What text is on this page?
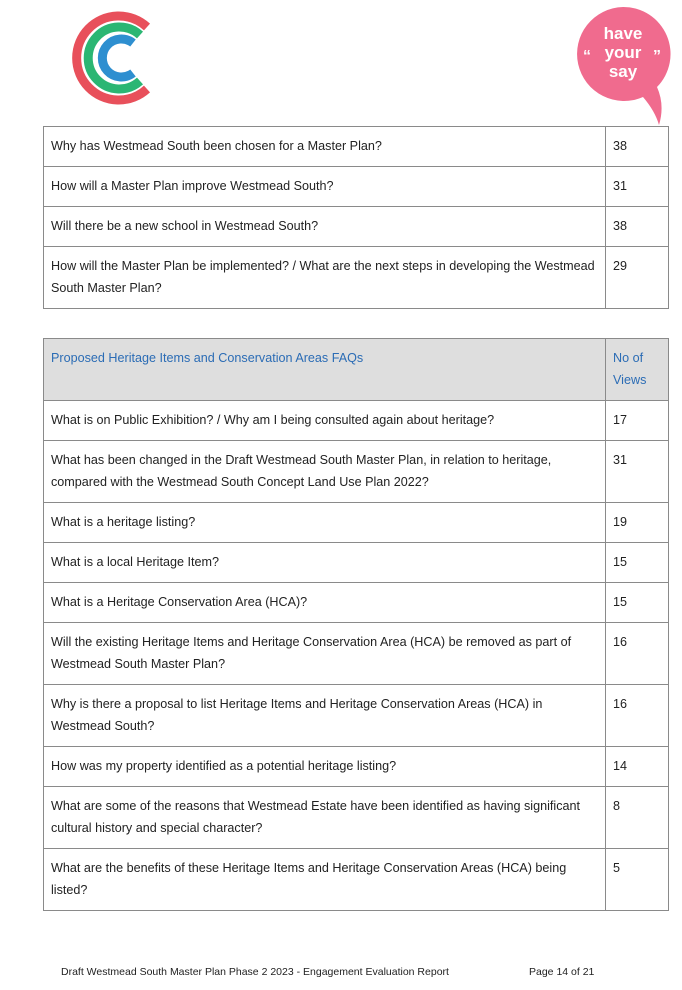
“	”
have
your
say
Why has Westmead South been chosen for a Master Plan?	38
How will a Master Plan improve Westmead South?	31
Will there be a new school in Westmead South?	38
How will the Master Plan be implemented? / What are the next steps in developing the Westmead South Master Plan?	29
Proposed Heritage Items and Conservation Areas FAQs	No of Views
What is on Public Exhibition? / Why am I being consulted again about heritage?	17
What has been changed in the Draft Westmead South Master Plan, in relation to heritage, compared with the Westmead South Concept Land Use Plan 2022?	31
What is a heritage listing?	19
What is a local Heritage Item?	15
What is a Heritage Conservation Area (HCA)?	15
Will the existing Heritage Items and Heritage Conservation Area (HCA) be removed as part of Westmead South Master Plan?	16
Why is there a proposal to list Heritage Items and Heritage Conservation Areas (HCA) in Westmead South?	16
How was my property identified as a potential heritage listing?	14
What are some of the reasons that Westmead Estate have been identified as having significant cultural history and special character?	8
What are the benefits of these Heritage Items and Heritage Conservation Areas (HCA) being listed?	5
Draft Westmead South Master Plan Phase 2 2023 - Engagement Evaluation Report	Page 14 of 21
